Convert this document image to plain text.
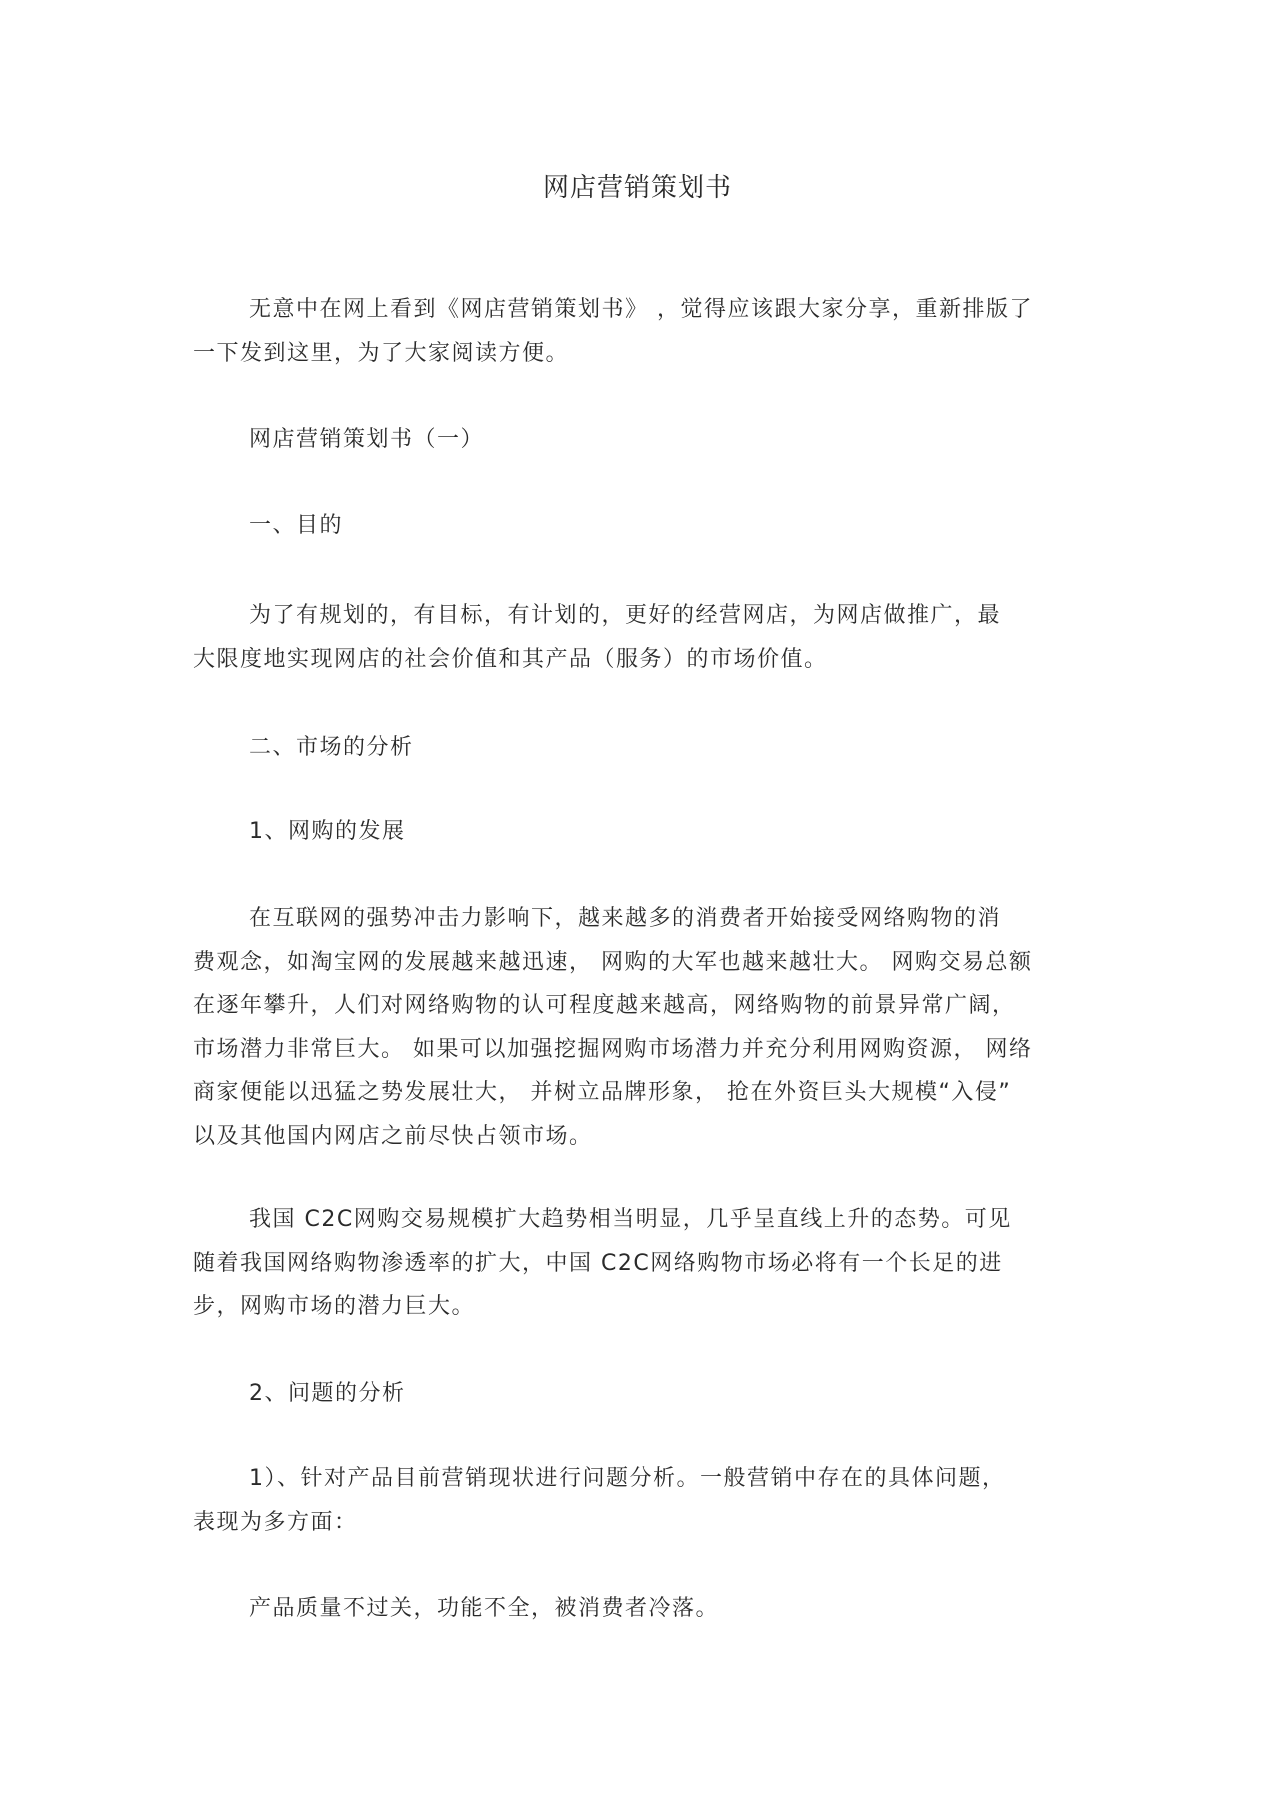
网店营销策划书

无意中在网上看到《网店营销策划书》 ，觉得应该跟大家分享，重新排版了
一下发到这里，为了大家阅读方便。

网店营销策划书（一）
一、目的

为了有规划的，有目标，有计划的，更好的经营网店，为网店做推广，最
大限度地实现网店的社会价值和其产品（服务）的市场价值。

二、市场的分析
1、网购的发展

在互联网的强势冲击力影响下，越来越多的消费者开始接受网络购物的消
费观念，如淘宝网的发展越来越迅速， 网购的大军也越来越壮大。 网购交易总额
在逐年攀升，人们对网络购物的认可程度越来越高，网络购物的前景异常广阔，
市场潜力非常巨大。 如果可以加强挖掘网购市场潜力并充分利用网购资源， 网络
商家便能以迅猛之势发展壮大， 并树立品牌形象， 抢在外资巨头大规模“入侵”
以及其他国内网店之前尽快占领市场。

我国 C2C网购交易规模扩大趋势相当明显，几乎呈直线上升的态势。可见
随着我国网络购物渗透率的扩大，中国 C2C网络购物市场必将有一个长足的进
步，网购市场的潜力巨大。

2、问题的分析

1）、针对产品目前营销现状进行问题分析。一般营销中存在的具体问题，
表现为多方面：

产品质量不过关，功能不全，被消费者冷落。
